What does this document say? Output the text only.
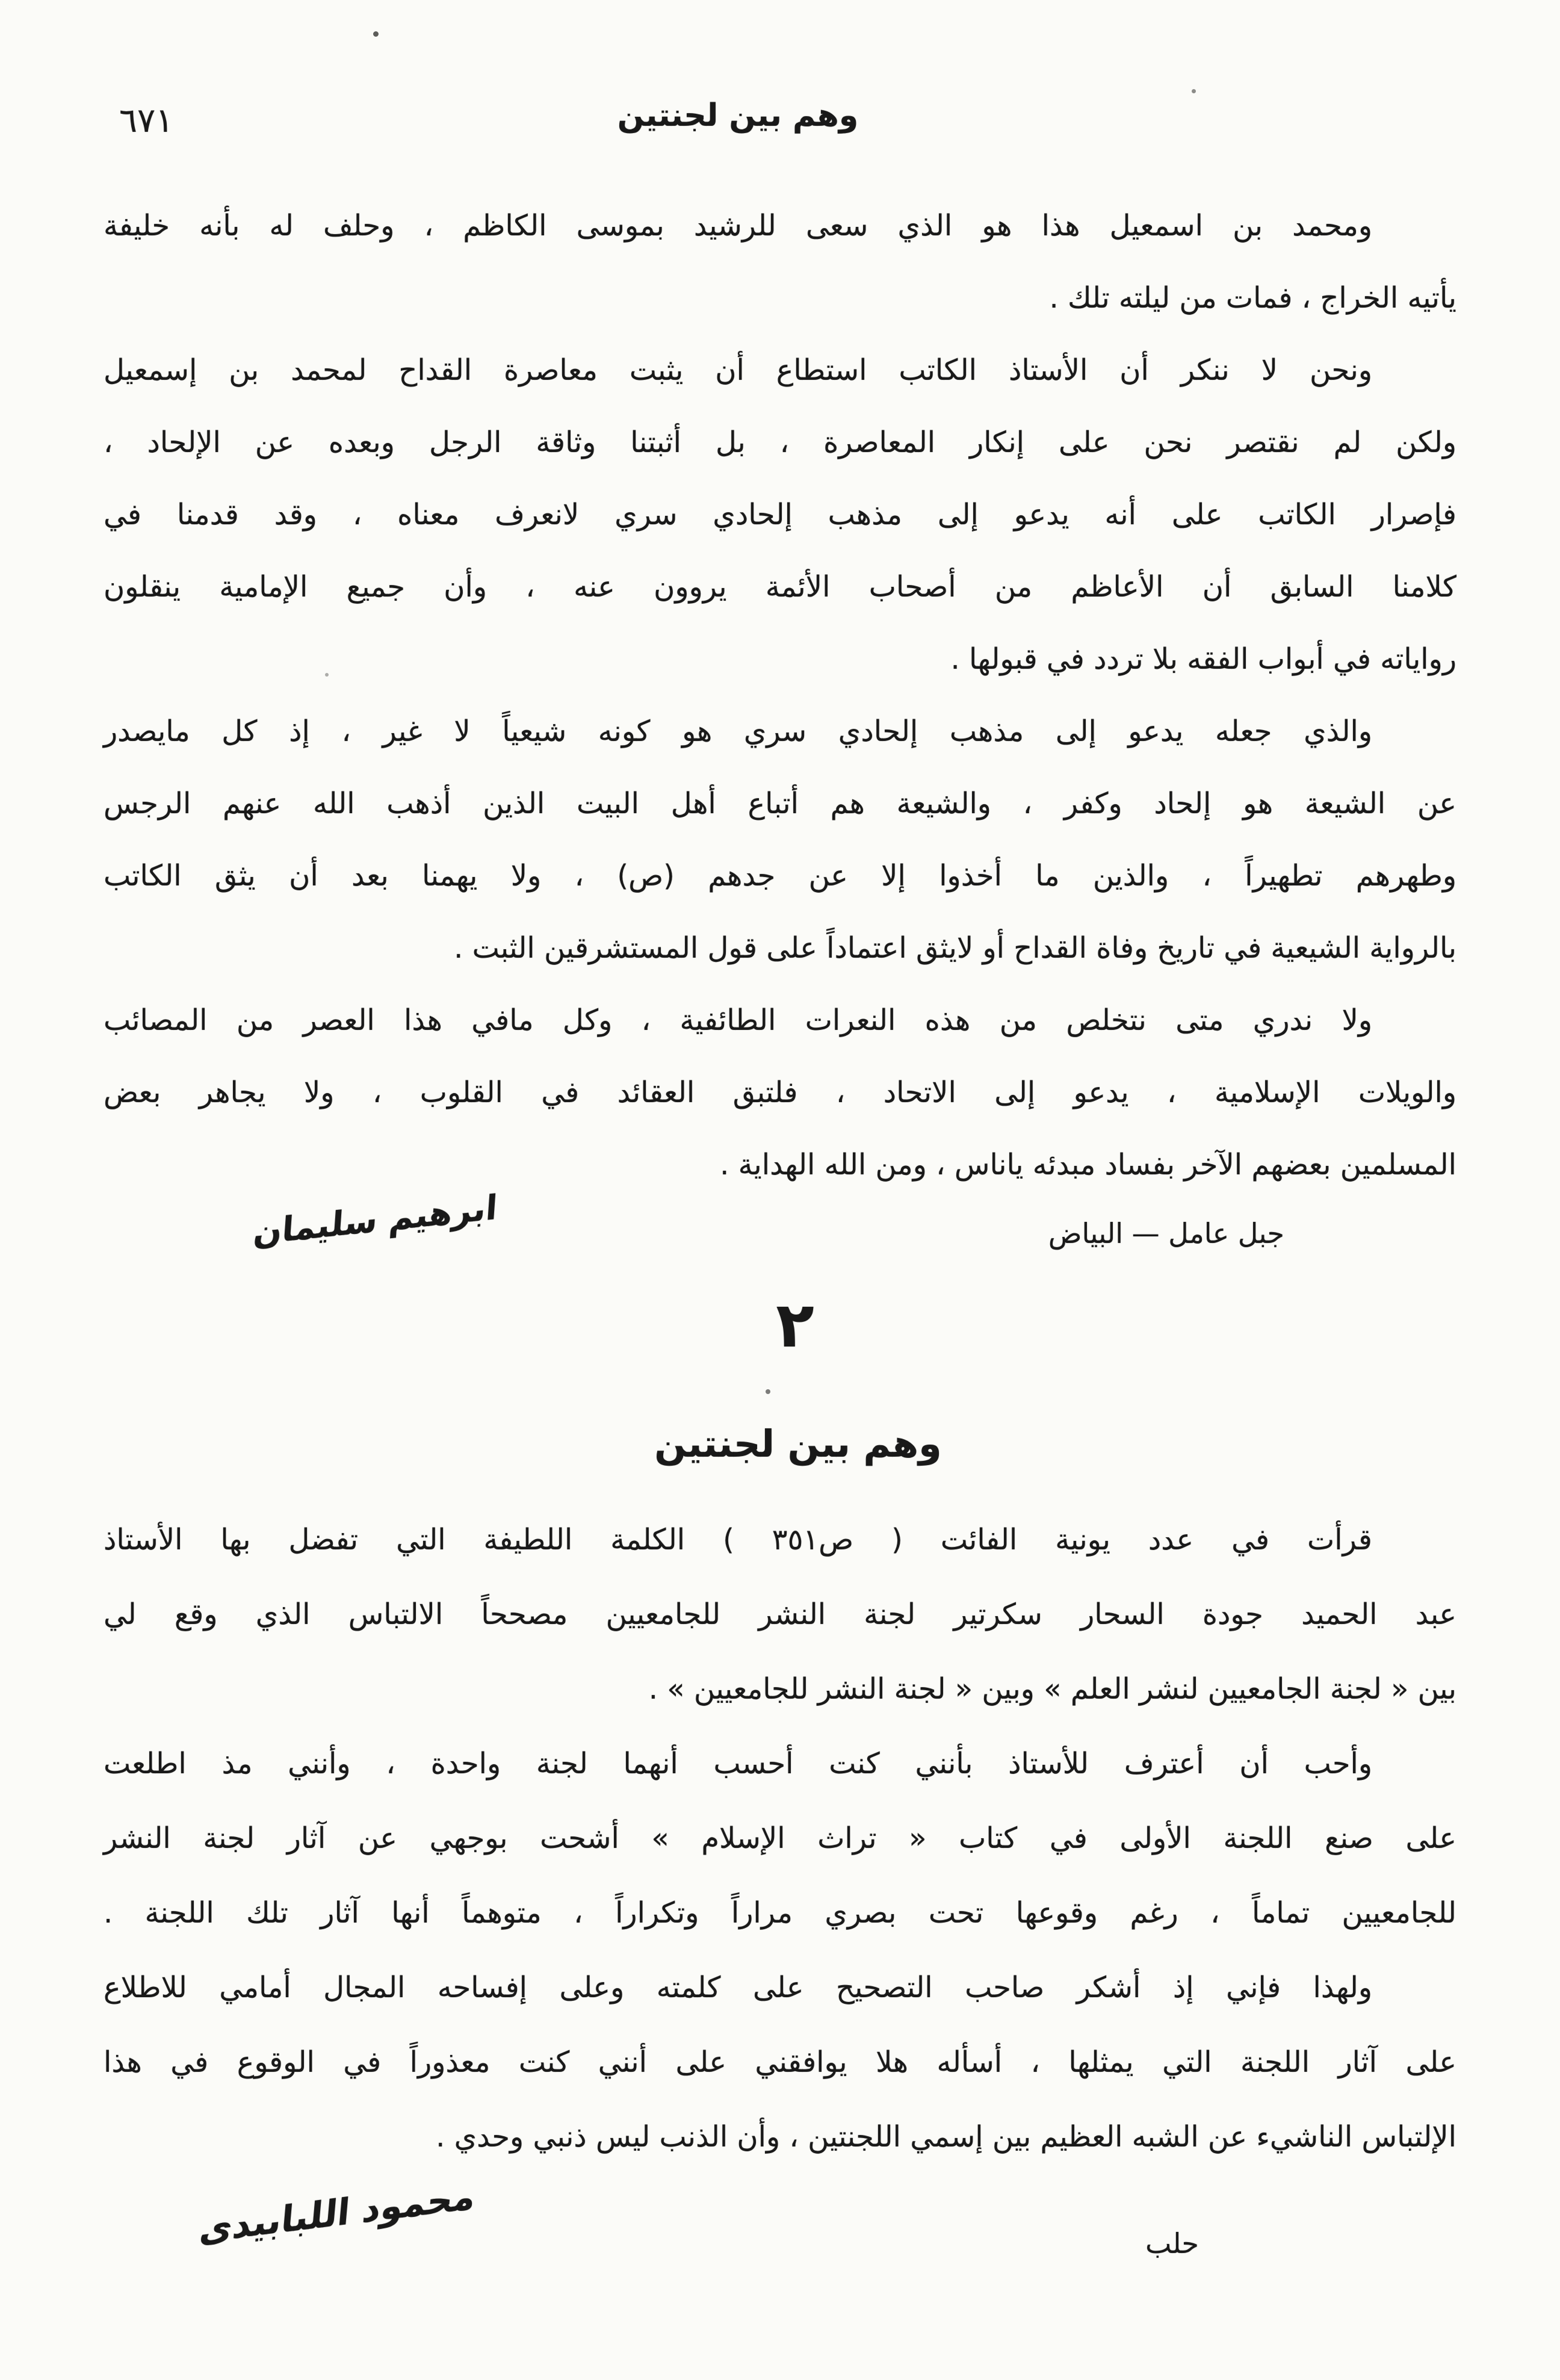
٦٧١	وهم بين لجنتين
ومحمد بن اسمعيل هذا هو الذي سعى للرشيد بموسى الكاظم ، وحلف له بأنه خليفة
يأتيه الخراج ، فمات من ليلته تلك .
ونحن لا ننكر أن الأستاذ الكاتب استطاع أن يثبت معاصرة القداح لمحمد بن إسمعيل
ولكن لم نقتصر نحن على إنكار المعاصرة ، بل أثبتنا وثاقة الرجل وبعده عن الإلحاد ،
فإصرار الكاتب على أنه يدعو إلى مذهب إلحادي سري لانعرف معناه ، وقد قدمنا في
كلامنا السابق أن الأعاظم من أصحاب الأئمة يروون عنه ، وأن جميع الإمامية ينقلون
رواياته في أبواب الفقه بلا تردد في قبولها .
والذي جعله يدعو إلى مذهب إلحادي سري هو كونه شيعياً لا غير ، إذ كل مايصدر
عن الشيعة هو إلحاد وكفر ، والشيعة هم أتباع أهل البيت الذين أذهب الله عنهم الرجس
وطهرهم تطهيراً ، والذين ما أخذوا إلا عن جدهم (ص) ، ولا يهمنا بعد أن يثق الكاتب
بالرواية الشيعية في تاريخ وفاة القداح أو لايثق اعتماداً على قول المستشرقين الثبت .
ولا ندري متى نتخلص من هذه النعرات الطائفية ، وكل مافي هذا العصر من المصائب
والويلات الإسلامية ، يدعو إلى الاتحاد ، فلتبق العقائد في القلوب ، ولا يجاهر بعض
المسلمين بعضهم الآخر بفساد مبدئه ياناس ، ومن الله الهداية .
جبل عامل — البياض
ابرهيم سليمان
٢
وهم بين لجنتين
قرأت في عدد يونية الفائت ( ص٣٥١ ) الكلمة اللطيفة التي تفضل بها الأستاذ
عبد الحميد جودة السحار سكرتير لجنة النشر للجامعيين مصححاً الالتباس الذي وقع لي
بين « لجنة الجامعيين لنشر العلم » وبين « لجنة النشر للجامعيين » .
وأحب أن أعترف للأستاذ بأنني كنت أحسب أنهما لجنة واحدة ، وأنني مذ اطلعت
على صنع اللجنة الأولى في كتاب « تراث الإسلام » أشحت بوجهي عن آثار لجنة النشر
للجامعيين تماماً ، رغم وقوعها تحت بصري مراراً وتكراراً ، متوهماً أنها آثار تلك اللجنة .
ولهذا فإني إذ أشكر صاحب التصحيح على كلمته وعلى إفساحه المجال أمامي للاطلاع
على آثار اللجنة التي يمثلها ، أسأله هلا يوافقني على أنني كنت معذوراً في الوقوع في هذا
الإلتباس الناشيء عن الشبه العظيم بين إسمي اللجنتين ، وأن الذنب ليس ذنبي وحدي .
حلب
محمود اللبابيدى
